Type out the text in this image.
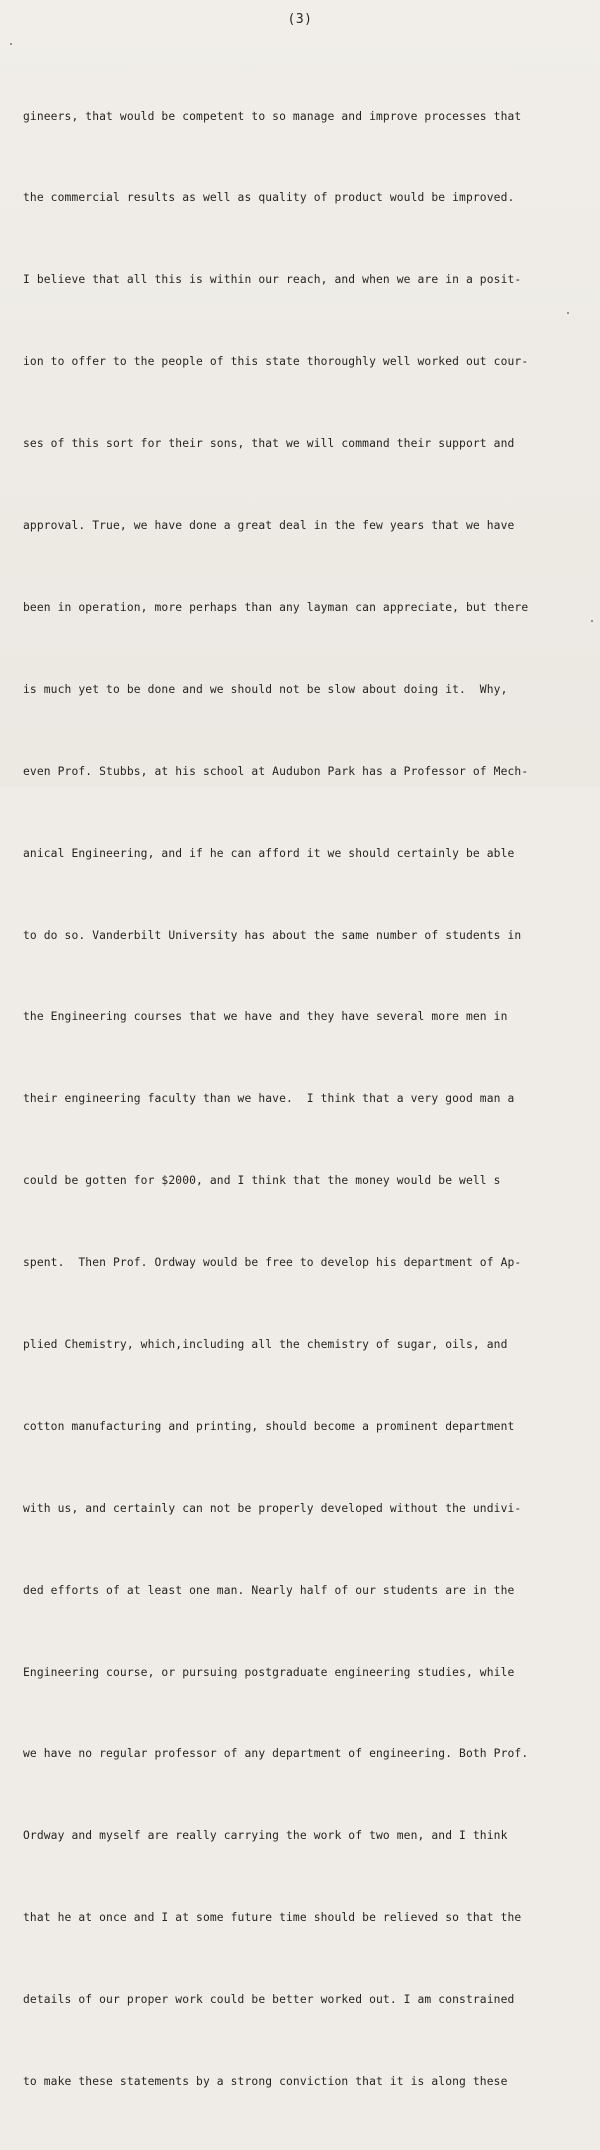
(3)

gineers, that would be competent to so manage and improve processes that

the commercial results as well as quality of product would be improved.

I believe that all this is within our reach, and when we are in a posit-

ion to offer to the people of this state thoroughly well worked out cour-

ses of this sort for their sons, that we will command their support and

approval. True, we have done a great deal in the few years that we have

been in operation, more perhaps than any layman can appreciate, but there

is much yet to be done and we should not be slow about doing it.  Why,

even Prof. Stubbs, at his school at Audubon Park has a Professor of Mech-

anical Engineering, and if he can afford it we should certainly be able

to do so. Vanderbilt University has about the same number of students in

the Engineering courses that we have and they have several more men in

their engineering faculty than we have.  I think that a very good man a

could be gotten for $2000, and I think that the money would be well s

spent.  Then Prof. Ordway would be free to develop his department of Ap-

plied Chemistry, which,including all the chemistry of sugar, oils, and

cotton manufacturing and printing, should become a prominent department

with us, and certainly can not be properly developed without the undivi-

ded efforts of at least one man. Nearly half of our students are in the

Engineering course, or pursuing postgraduate engineering studies, while

we have no regular professor of any department of engineering. Both Prof.

Ordway and myself are really carrying the work of two men, and I think

that he at once and I at some future time should be relieved so that the

details of our proper work could be better worked out. I am constrained

to make these statements by a strong conviction that it is along these
